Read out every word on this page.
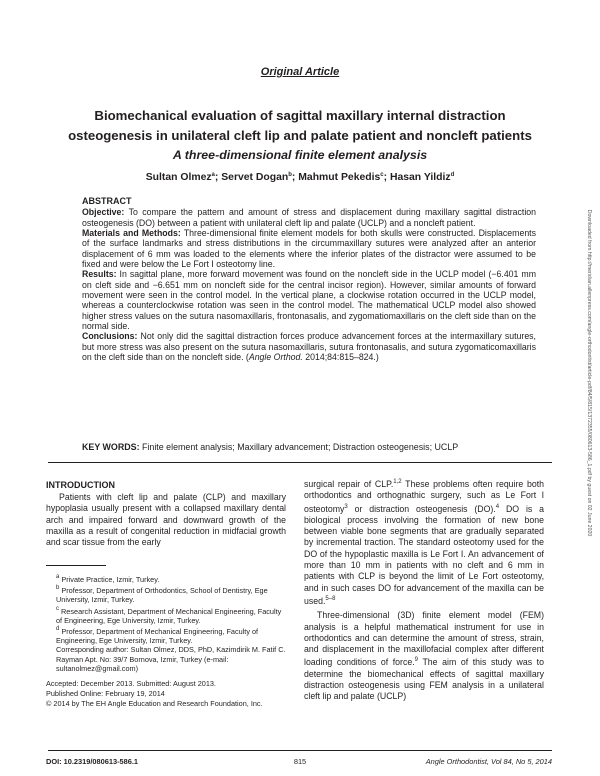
Original Article
Biomechanical evaluation of sagittal maxillary internal distraction osteogenesis in unilateral cleft lip and palate patient and noncleft patients
A three-dimensional finite element analysis
Sultan Olmez$^a$; Servet Dogan$^b$; Mahmut Pekedis$^c$; Hasan Yildiz$^d$

ABSTRACT

Objective: To compare the pattern and amount of stress and displacement during maxillary sagittal distraction osteogenesis (DO) between a patient with unilateral cleft lip and palate (UCLP) and a noncleft patient.

Materials and Methods: Three-dimensional finite element models for both skulls were constructed. Displacements of the surface landmarks and stress distributions in the circummaxillary sutures were analyzed after an anterior displacement of 6 mm was loaded to the elements where the inferior plates of the distractor were assumed to be fixed and were below the Le Fort I osteotomy line.

Results: In sagittal plane, more forward movement was found on the noncleft side in the UCLP model (−6.401 mm on cleft side and −6.651 mm on noncleft side for the central incisor region). However, similar amounts of forward movement were seen in the control model. In the vertical plane, a clockwise rotation occurred in the UCLP model, whereas a counterclockwise rotation was seen in the control model. The mathematical UCLP model also showed higher stress values on the sutura nasomaxillaris, frontonasalis, and zygomatiomaxillaris on the cleft side than on the normal side.

Conclusions: Not only did the sagittal distraction forces produce advancement forces at the intermaxillary sutures, but more stress was also present on the sutura nasomaxillaris, sutura frontonasalis, and sutura zygomaticomaxillaris on the cleft side than on the noncleft side. (Angle Orthod. 2014;84:815–824.)

KEY WORDS: Finite element analysis; Maxillary advancement; Distraction osteogenesis; UCLP
INTRODUCTION

Patients with cleft lip and palate (CLP) and maxillary hypoplasia usually present with a collapsed maxillary dental arch and impaired forward and downward growth of the maxilla as a result of congenital reduction in midfacial growth and scar tissue from the early

$^a$ Private Practice, Izmir, Turkey.

$^b$ Professor, Department of Orthodontics, School of Dentistry, Ege University, Izmir, Turkey.

$^c$ Research Assistant, Department of Mechanical Engineering, Faculty of Engineering, Ege University, Izmir, Turkey.

$^d$ Professor, Department of Mechanical Engineering, Faculty of Engineering, Ege University, Izmir, Turkey.

Corresponding author: Sultan Olmez, DDS, PhD, Kazimdirik M. Fatif C. Rayman Apt. No: 39/7 Bornova, Izmir, Turkey (e-mail: sultanolmez@gmail.com)

Accepted: December 2013. Submitted: August 2013.

Published Online: February 19, 2014

© 2014 by The EH Angle Education and Research Foundation, Inc.

surgical repair of CLP.$^{1,2}$ These problems often require both orthodontics and orthognathic surgery, such as Le Fort I osteotomy$^3$ or distraction osteogenesis (DO).$^4$ DO is a biological process involving the formation of new bone between viable bone segments that are gradually separated by incremental traction. The standard osteotomy used for the DO of the hypoplastic maxilla is Le Fort I. An advancement of more than 10 mm in patients with no cleft and 6 mm in patients with CLP is beyond the limit of Le Fort osteotomy, and in such cases DO for advancement of the maxilla can be used.$^{5-8}$

Three-dimensional (3D) finite element model (FEM) analysis is a helpful mathematical instrument for use in orthodontics and can determine the amount of stress, strain, and displacement in the maxillofacial complex after different loading conditions of force.$^9$ The aim of this study was to determine the biomechanical effects of sagittal maxillary distraction osteogenesis using FEM analysis in a unilateral cleft lip and palate (UCLP)

DOI: 10.2319/080613-586.1	815	Angle Orthodontist, Vol 84, No 5, 2014
Downloaded from http://meridian.allenpress.com/angle-orthodontist/article-pdf/84/5/815/1372355/080613-586_1.pdf by guest on 02 June 2020
